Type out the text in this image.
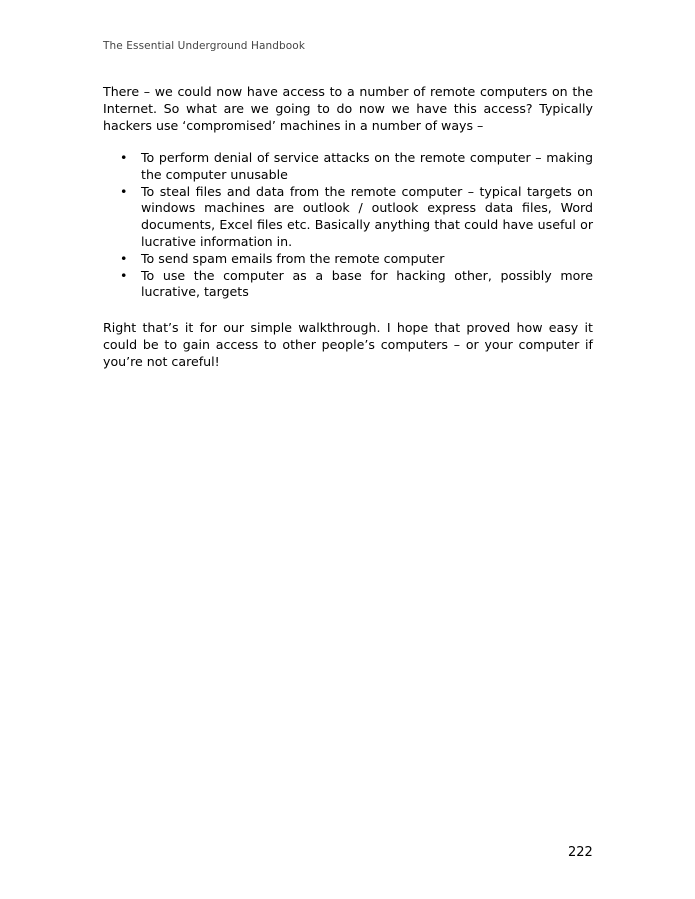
The Essential Underground Handbook

There – we could now have access to a number of remote computers on the Internet. So what are we going to do now we have this access? Typically hackers use ‘compromised’ machines in a number of ways –

• To perform denial of service attacks on the remote computer – making the computer unusable
• To steal files and data from the remote computer – typical targets on windows machines are outlook / outlook express data files, Word documents, Excel files etc. Basically anything that could have useful or lucrative information in.
• To send spam emails from the remote computer
• To use the computer as a base for hacking other, possibly more lucrative, targets

Right that’s it for our simple walkthrough. I hope that proved how easy it could be to gain access to other people’s computers – or your computer if you’re not careful!

222
